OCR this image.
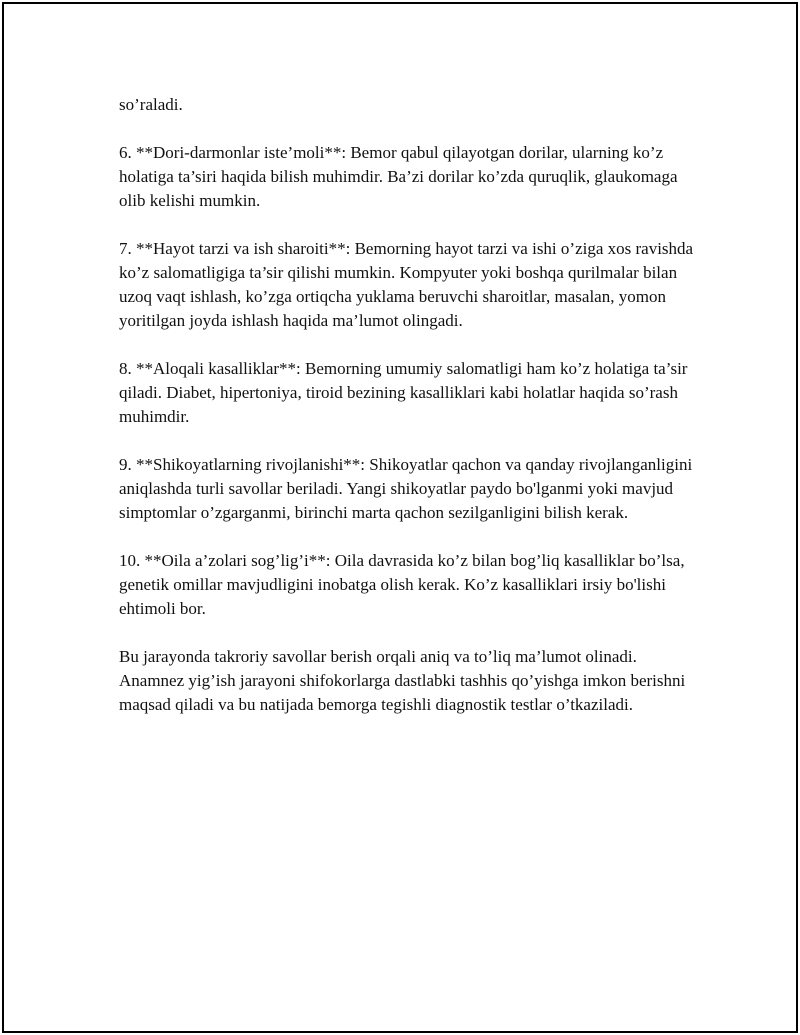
so’raladi.

6. **Dori-darmonlar iste’moli**: Bemor qabul qilayotgan dorilar, ularning ko’z holatiga ta’siri haqida bilish muhimdir. Ba’zi dorilar ko’zda quruqlik, glaukomaga olib kelishi mumkin.

7. **Hayot tarzi va ish sharoiti**: Bemorning hayot tarzi va ishi o’ziga xos ravishda ko’z salomatligiga ta’sir qilishi mumkin. Kompyuter yoki boshqa qurilmalar bilan uzoq vaqt ishlash, ko’zga ortiqcha yuklama beruvchi sharoitlar, masalan, yomon yoritilgan joyda ishlash haqida ma’lumot olingadi.

8. **Aloqali kasalliklar**: Bemorning umumiy salomatligi ham ko’z holatiga ta’sir qiladi. Diabet, hipertoniya, tiroid bezining kasalliklari kabi holatlar haqida so’rash muhimdir.

9. **Shikoyatlarning rivojlanishi**: Shikoyatlar qachon va qanday rivojlanganligini aniqlashda turli savollar beriladi. Yangi shikoyatlar paydo bo'lganmi yoki mavjud simptomlar o’zgarganmi, birinchi marta qachon sezilganligini bilish kerak.

10. **Oila a’zolari sog’lig’i**: Oila davrasida ko’z bilan bog’liq kasalliklar bo’lsa, genetik omillar mavjudligini inobatga olish kerak. Ko’z kasalliklari irsiy bo'lishi ehtimoli bor.

Bu jarayonda takroriy savollar berish orqali aniq va to’liq ma’lumot olinadi. Anamnez yig’ish jarayoni shifokorlarga dastlabki tashhis qo’yishga imkon berishni maqsad qiladi va bu natijada bemorga tegishli diagnostik testlar o’tkaziladi.
